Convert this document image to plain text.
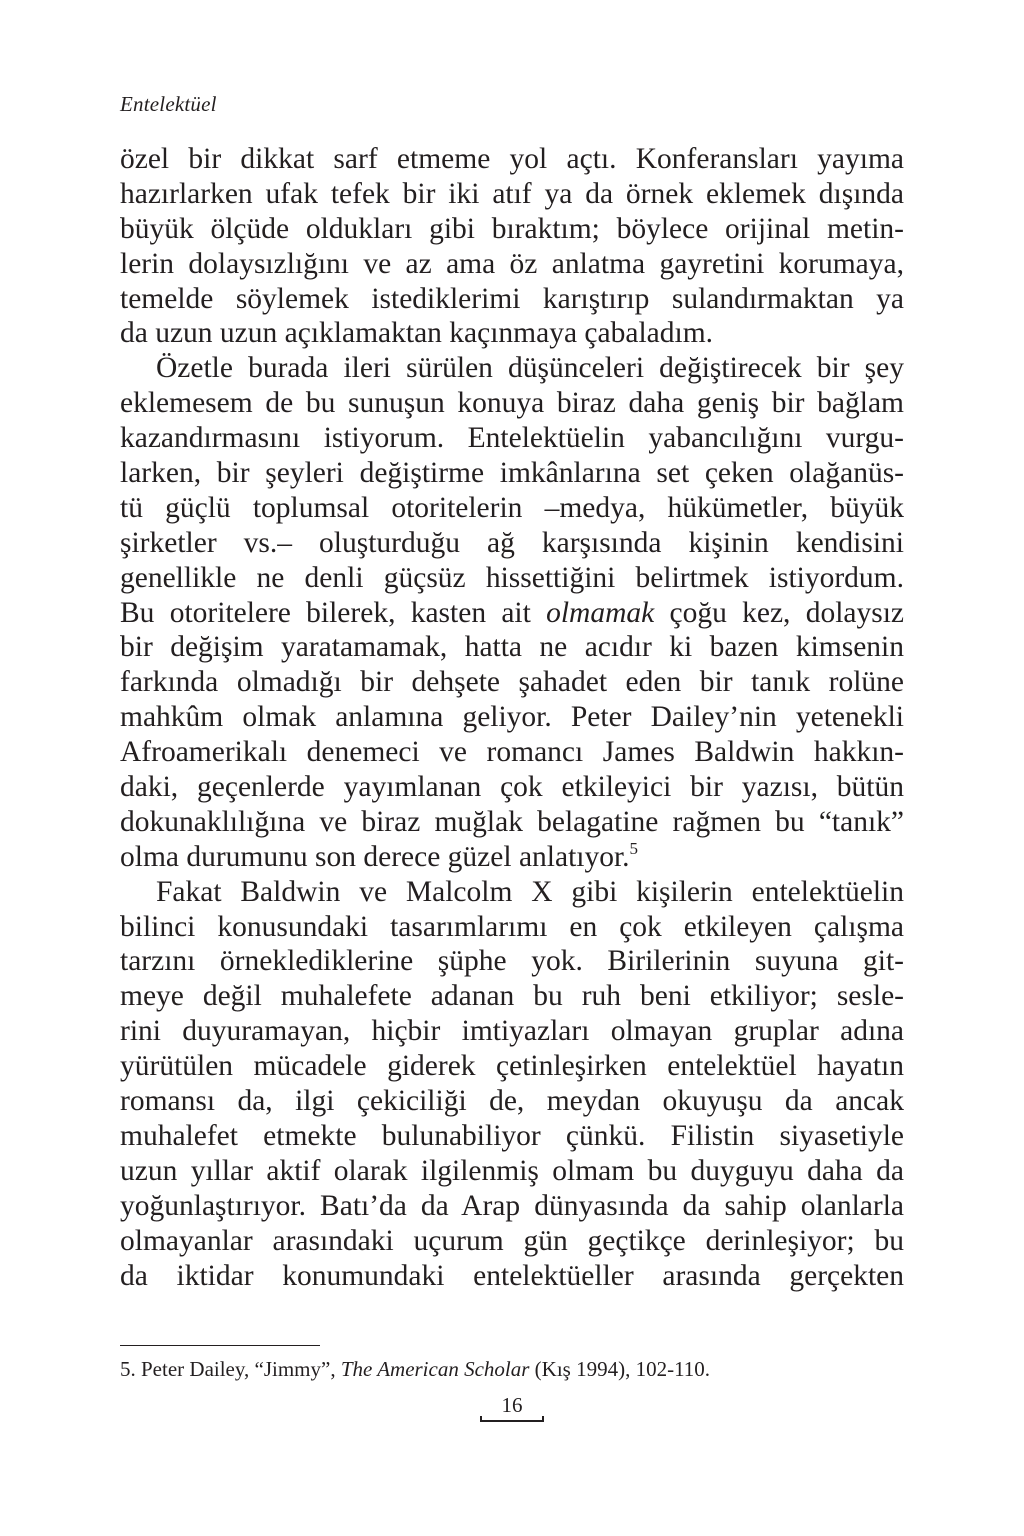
Entelektüel
özel bir dikkat sarf etmeme yol açtı. Konferansları yayıma
hazırlarken ufak tefek bir iki atıf ya da örnek eklemek dışında
büyük ölçüde oldukları gibi bıraktım; böylece orijinal metin-
lerin dolaysızlığını ve az ama öz anlatma gayretini korumaya,
temelde söylemek istediklerimi karıştırıp sulandırmaktan ya
da uzun uzun açıklamaktan kaçınmaya çabaladım.
Özetle burada ileri sürülen düşünceleri değiştirecek bir şey
eklemesem de bu sunuşun konuya biraz daha geniş bir bağlam
kazandırmasını istiyorum. Entelektüelin yabancılığını vurgu-
larken, bir şeyleri değiştirme imkânlarına set çeken olağanüs-
tü güçlü toplumsal otoritelerin –medya, hükümetler, büyük
şirketler vs.– oluşturduğu ağ karşısında kişinin kendisini
genellikle ne denli güçsüz hissettiğini belirtmek istiyordum.
Bu otoritelere bilerek, kasten ait olmamak çoğu kez, dolaysız
bir değişim yaratamamak, hatta ne acıdır ki bazen kimsenin
farkında olmadığı bir dehşete şahadet eden bir tanık rolüne
mahkûm olmak anlamına geliyor. Peter Dailey’nin yetenekli
Afroamerikalı denemeci ve romancı James Baldwin hakkın-
daki, geçenlerde yayımlanan çok etkileyici bir yazısı, bütün
dokunaklılığına ve biraz muğlak belagatine rağmen bu “tanık”
olma durumunu son derece güzel anlatıyor.$^5$
Fakat Baldwin ve Malcolm X gibi kişilerin entelektüelin
bilinci konusundaki tasarımlarımı en çok etkileyen çalışma
tarzını örneklediklerine şüphe yok. Birilerinin suyuna git-
meye değil muhalefete adanan bu ruh beni etkiliyor; sesle-
rini duyuramayan, hiçbir imtiyazları olmayan gruplar adına
yürütülen mücadele giderek çetinleşirken entelektüel hayatın
romansı da, ilgi çekiciliği de, meydan okuyuşu da ancak
muhalefet etmekte bulunabiliyor çünkü. Filistin siyasetiyle
uzun yıllar aktif olarak ilgilenmiş olmam bu duyguyu daha da
yoğunlaştırıyor. Batı’da da Arap dünyasında da sahip olanlarla
olmayanlar arasındaki uçurum gün geçtikçe derinleşiyor; bu
da iktidar konumundaki entelektüeller arasında gerçekten
5. Peter Dailey, “Jimmy”, The American Scholar (Kış 1994), 102-110.
16
